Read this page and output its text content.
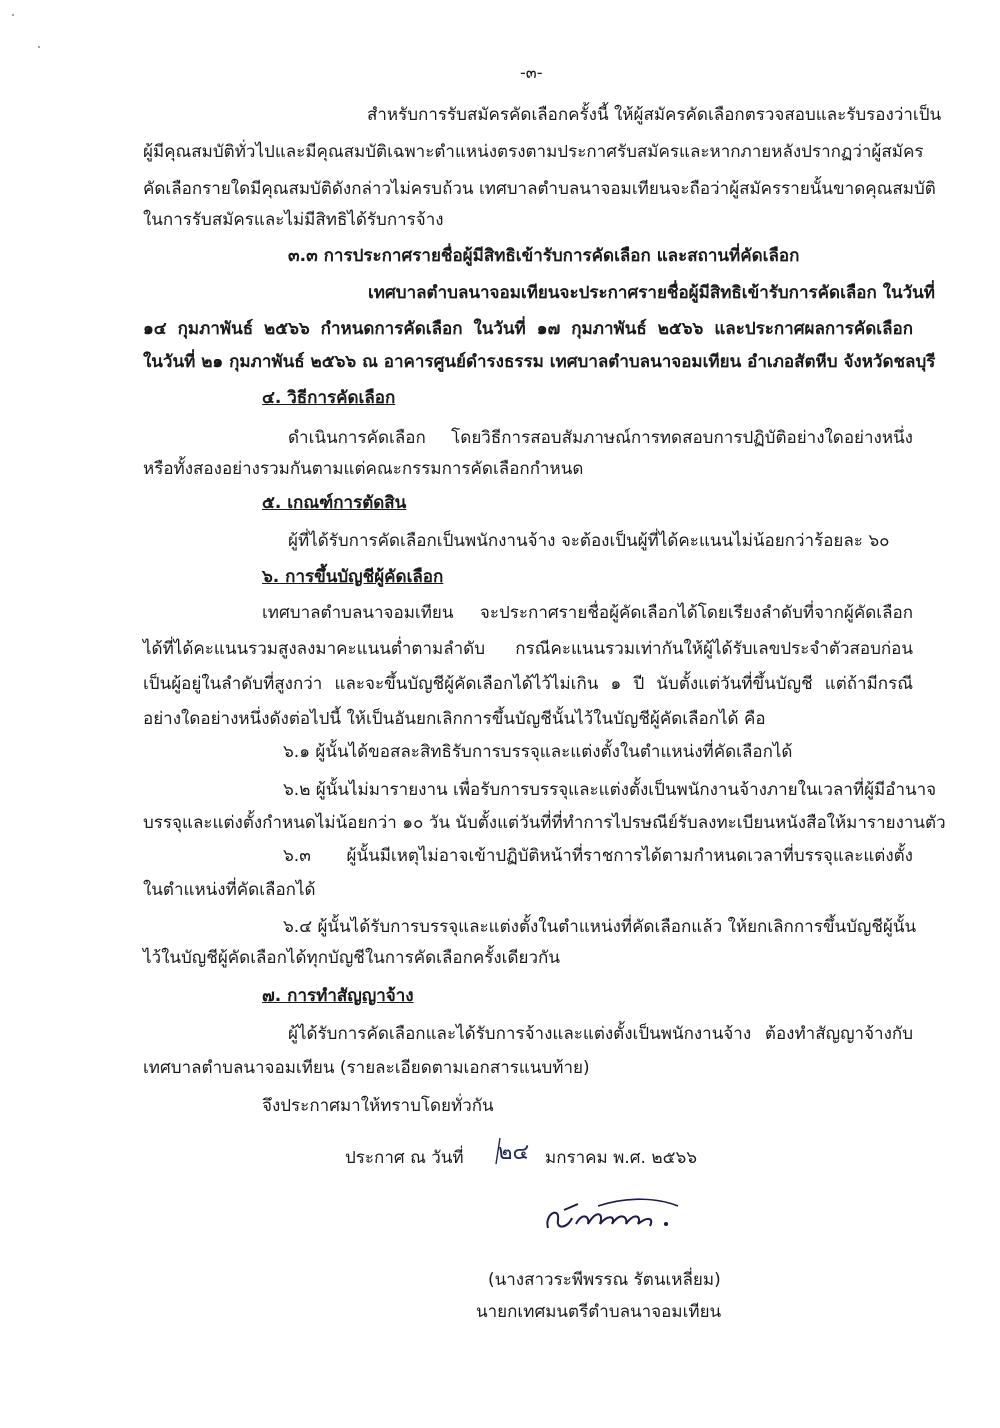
-๓-
สำหรับการรับสมัครคัดเลือกครั้งนี้ ให้ผู้สมัครคัดเลือกตรวจสอบและรับรองว่าเป็น
ผู้มีคุณสมบัติทั่วไปและมีคุณสมบัติเฉพาะตำแหน่งตรงตามประกาศรับสมัครและหากภายหลังปรากฏว่าผู้สมัคร
คัดเลือกรายใดมีคุณสมบัติดังกล่าวไม่ครบถ้วน เทศบาลตำบลนาจอมเทียนจะถือว่าผู้สมัครรายนั้นขาดคุณสมบัติ
ในการรับสมัครและไม่มีสิทธิได้รับการจ้าง
๓.๓ การประกาศรายชื่อผู้มีสิทธิเข้ารับการคัดเลือก และสถานที่คัดเลือก
เทศบาลตำบลนาจอมเทียนจะประกาศรายชื่อผู้มีสิทธิเข้ารับการคัดเลือก ในวันที่
๑๔ กุมภาพันธ์ ๒๕๖๖ กำหนดการคัดเลือก ในวันที่ ๑๗ กุมภาพันธ์ ๒๕๖๖ และประกาศผลการคัดเลือก
ในวันที่ ๒๑ กุมภาพันธ์ ๒๕๖๖ ณ อาคารศูนย์ดำรงธรรม เทศบาลตำบลนาจอมเทียน อำเภอสัตหีบ จังหวัดชลบุรี
๔. วิธีการคัดเลือก
ดำเนินการคัดเลือก โดยวิธีการสอบสัมภาษณ์การทดสอบการปฏิบัติอย่างใดอย่างหนึ่ง
หรือทั้งสองอย่างรวมกันตามแต่คณะกรรมการคัดเลือกกำหนด
๕. เกณฑ์การตัดสิน
ผู้ที่ได้รับการคัดเลือกเป็นพนักงานจ้าง จะต้องเป็นผู้ที่ได้คะแนนไม่น้อยกว่าร้อยละ ๖๐
๖. การขึ้นบัญชีผู้คัดเลือก
เทศบาลตำบลนาจอมเทียน จะประกาศรายชื่อผู้คัดเลือกได้โดยเรียงลำดับที่จากผู้คัดเลือก
ได้ที่ได้คะแนนรวมสูงลงมาคะแนนต่ำตามลำดับ กรณีคะแนนรวมเท่ากันให้ผู้ได้รับเลขประจำตัวสอบก่อน
เป็นผู้อยู่ในลำดับที่สูงกว่า และจะขึ้นบัญชีผู้คัดเลือกได้ไว้ไม่เกิน ๑ ปี นับตั้งแต่วันที่ขึ้นบัญชี แต่ถ้ามีกรณี
อย่างใดอย่างหนึ่งดังต่อไปนี้ ให้เป็นอันยกเลิกการขึ้นบัญชีนั้นไว้ในบัญชีผู้คัดเลือกได้ คือ
๖.๑ ผู้นั้นได้ขอสละสิทธิรับการบรรจุและแต่งตั้งในตำแหน่งที่คัดเลือกได้
๖.๒ ผู้นั้นไม่มารายงาน เพื่อรับการบรรจุและแต่งตั้งเป็นพนักงานจ้างภายในเวลาที่ผู้มีอำนาจ
บรรจุและแต่งตั้งกำหนดไม่น้อยกว่า ๑๐ วัน นับตั้งแต่วันที่ที่ทำการไปรษณีย์รับลงทะเบียนหนังสือให้มารายงานตัว
๖.๓ ผู้นั้นมีเหตุไม่อาจเข้าปฏิบัติหน้าที่ราชการได้ตามกำหนดเวลาที่บรรจุและแต่งตั้ง
ในตำแหน่งที่คัดเลือกได้
๖.๔ ผู้นั้นได้รับการบรรจุและแต่งตั้งในตำแหน่งที่คัดเลือกแล้ว ให้ยกเลิกการขึ้นบัญชีผู้นั้น
ไว้ในบัญชีผู้คัดเลือกได้ทุกบัญชีในการคัดเลือกครั้งเดียวกัน
๗. การทำสัญญาจ้าง
ผู้ได้รับการคัดเลือกและได้รับการจ้างและแต่งตั้งเป็นพนักงานจ้าง ต้องทำสัญญาจ้างกับ
เทศบาลตำบลนาจอมเทียน (รายละเอียดตามเอกสารแนบท้าย)
จึงประกาศมาให้ทราบโดยทั่วกัน
ประกาศ ณ วันที่ ๒๔ มกราคม พ.ศ. ๒๕๖๖
(นางสาวระพีพรรณ รัตนเหลี่ยม)
นายกเทศมนตรีตำบลนาจอมเทียน
